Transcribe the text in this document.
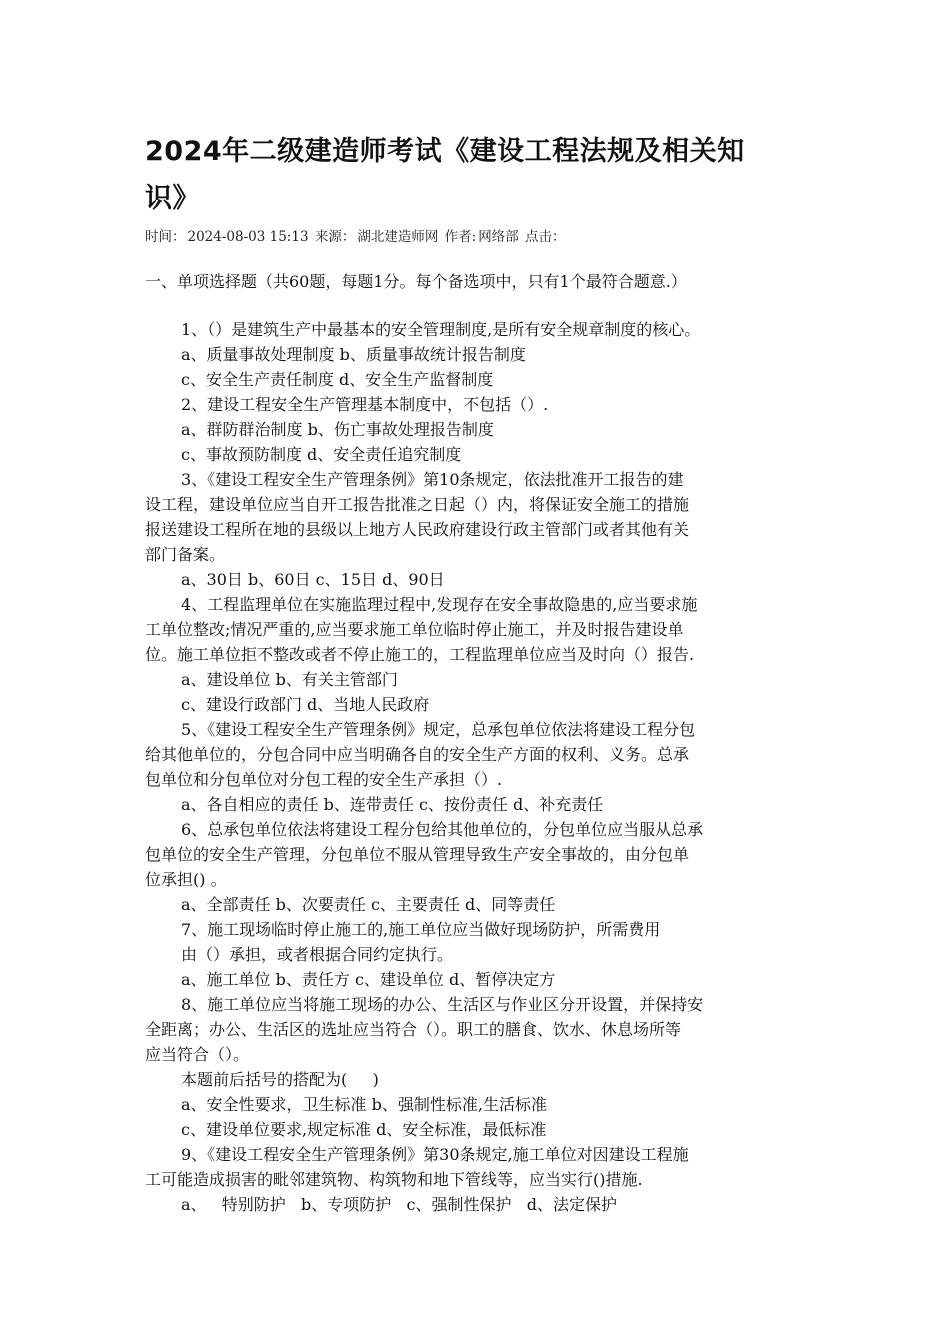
2024年二级建造师考试《建设工程法规及相关知
识》
时间： 2024-08-03 15:13 来源： 湖北建造师网 作者: 网络部 点击：
一、单项选择题（共60题，每题1分。每个备选项中，只有1个最符合题意.）
1、（）是建筑生产中最基本的安全管理制度,是所有安全规章制度的核心。
a、质量事故处理制度 b、质量事故统计报告制度
c、安全生产责任制度 d、安全生产监督制度
2、建设工程安全生产管理基本制度中，不包括（）.
a、群防群治制度 b、伤亡事故处理报告制度
c、事故预防制度 d、安全责任追究制度
3、《建设工程安全生产管理条例》第10条规定，依法批准开工报告的建
设工程，建设单位应当自开工报告批准之日起（）内，将保证安全施工的措施
报送建设工程所在地的县级以上地方人民政府建设行政主管部门或者其他有关
部门备案。
a、30日 b、60日 c、15日 d、90日
4、工程监理单位在实施监理过程中,发现存在安全事故隐患的,应当要求施
工单位整改;情况严重的,应当要求施工单位临时停止施工，并及时报告建设单
位。施工单位拒不整改或者不停止施工的，工程监理单位应当及时向（）报告.
a、建设单位 b、有关主管部门
c、建设行政部门 d、当地人民政府
5、《建设工程安全生产管理条例》规定，总承包单位依法将建设工程分包
给其他单位的，分包合同中应当明确各自的安全生产方面的权利、义务。总承
包单位和分包单位对分包工程的安全生产承担（）.
a、各自相应的责任 b、连带责任 c、按份责任 d、补充责任
6、总承包单位依法将建设工程分包给其他单位的，分包单位应当服从总承
包单位的安全生产管理，分包单位不服从管理导致生产安全事故的，由分包单
位承担() 。
a、全部责任 b、次要责任 c、主要责任 d、同等责任
7、施工现场临时停止施工的,施工单位应当做好现场防护，所需费用
由（）承担，或者根据合同约定执行。
a、施工单位 b、责任方 c、建设单位 d、暂停决定方
8、施工单位应当将施工现场的办公、生活区与作业区分开设置，并保持安
全距离；办公、生活区的选址应当符合（）。职工的膳食、饮水、休息场所等
应当符合（）。
本题前后括号的搭配为(     )
a、安全性要求，卫生标准 b、强制性标准,生活标准
c、建设单位要求,规定标准 d、安全标准，最低标准
9、《建设工程安全生产管理条例》第30条规定,施工单位对因建设工程施
工可能造成损害的毗邻建筑物、构筑物和地下管线等，应当实行()措施.
a、   特别防护   b、专项防护   c、强制性保护   d、法定保护
